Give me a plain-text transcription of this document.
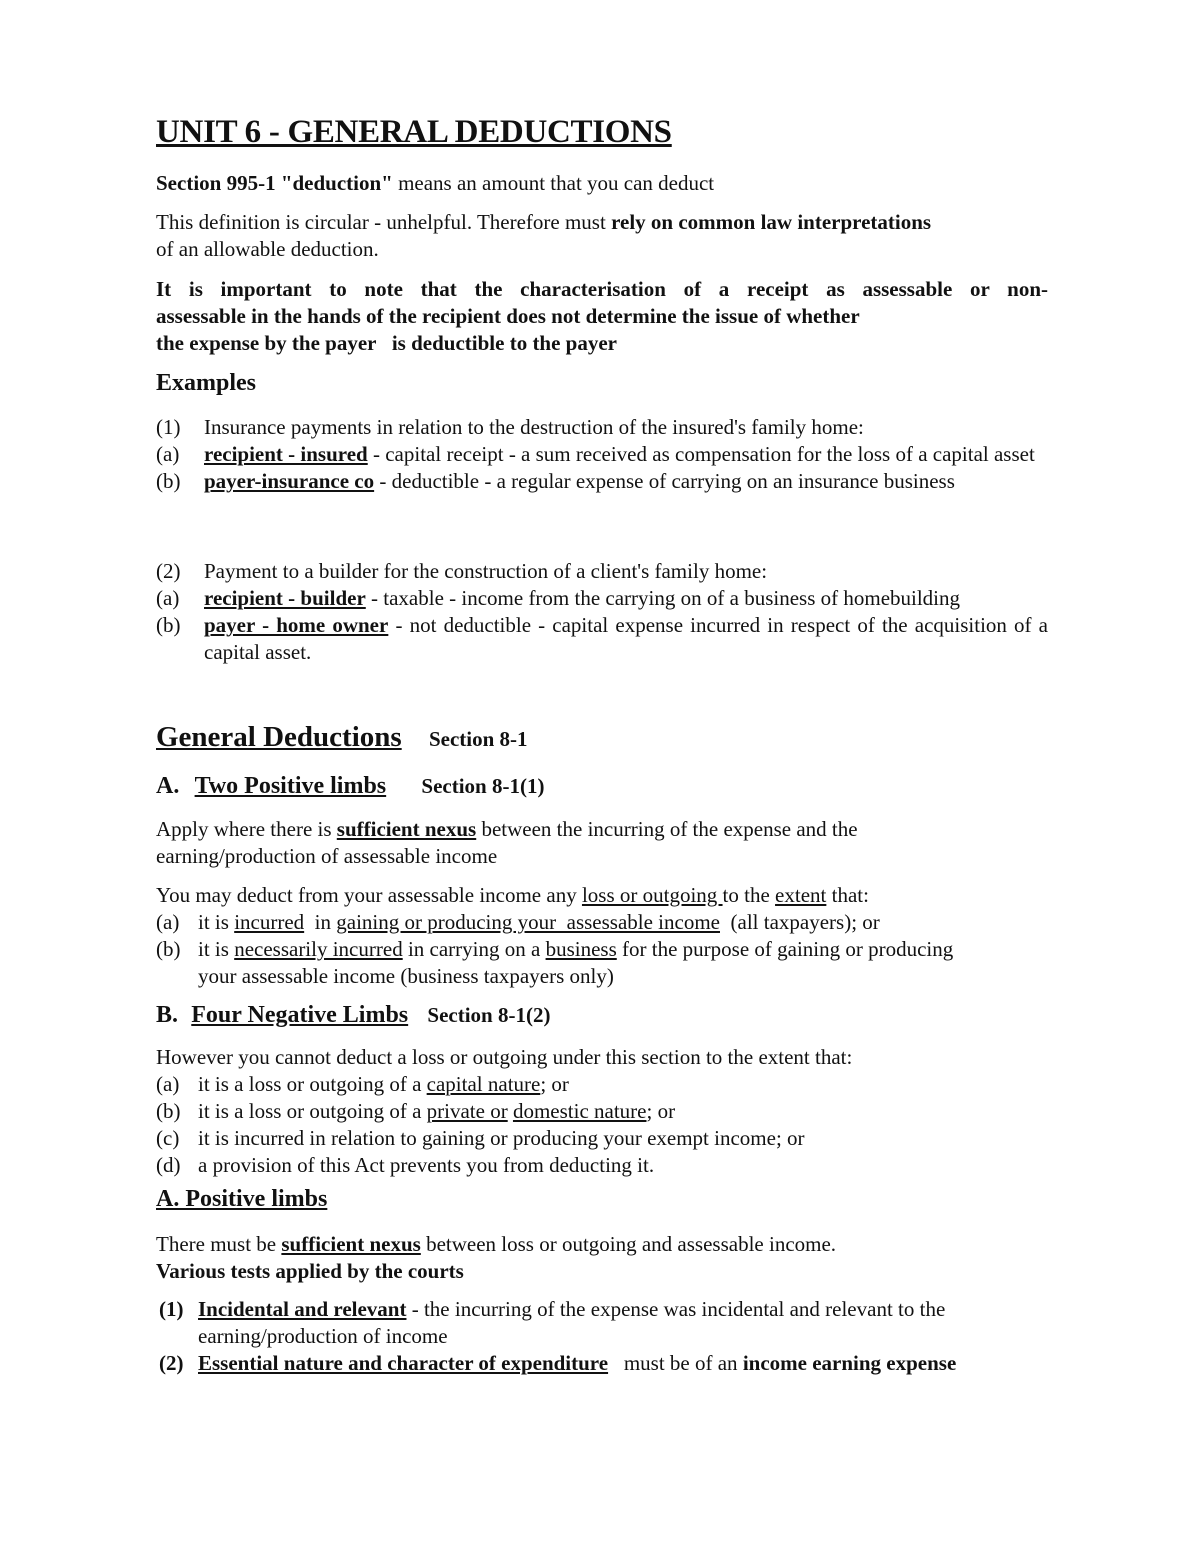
UNIT 6 - GENERAL DEDUCTIONS

Section 995-1 "deduction" means an amount that you can deduct

This definition is circular - unhelpful. Therefore must rely on common law interpretations
of an allowable deduction.

It is important to note that the characterisation of a receipt as assessable or non-

assessable in the hands of the recipient does not determine the issue of whether

the expense by the payer   is deductible to the payer

Examples
(1) Insurance payments in relation to the destruction of the insured's family home:
(a) recipient - insured - capital receipt - a sum received as compensation for the loss of a capital asset
(b) payer-insurance co - deductible - a regular expense of carrying on an insurance business
(2) Payment to a builder for the construction of a client's family home:
(a) recipient - builder - taxable - income from the carrying on of a business of homebuilding
(b) payer - home owner - not deductible - capital expense incurred in respect of the acquisition of a capital asset.
General Deductions Section 8-1
A. Two Positive limbs Section 8-1(1)

Apply where there is sufficient nexus between the incurring of the expense and the earning/production of assessable income

You may deduct from your assessable income any loss or outgoing to the extent that:

(a) it is incurred  in gaining or producing your  assessable income  (all taxpayers); or
(b) it is necessarily incurred in carrying on a business for the purpose of gaining or producing your assessable income (business taxpayers only)
B. Four Negative Limbs Section 8-1(2)

However you cannot deduct a loss or outgoing under this section to the extent that:

(a) it is a loss or outgoing of a capital nature; or
(b) it is a loss or outgoing of a private or domestic nature; or
(c) it is incurred in relation to gaining or producing your exempt income; or
(d) a provision of this Act prevents you from deducting it.
A. Positive limbs

There must be sufficient nexus between loss or outgoing and assessable income.

Various tests applied by the courts

(1) Incidental and relevant - the incurring of the expense was incidental and relevant to the earning/production of income
(2) Essential nature and character of expenditure   must be of an income earning expense
